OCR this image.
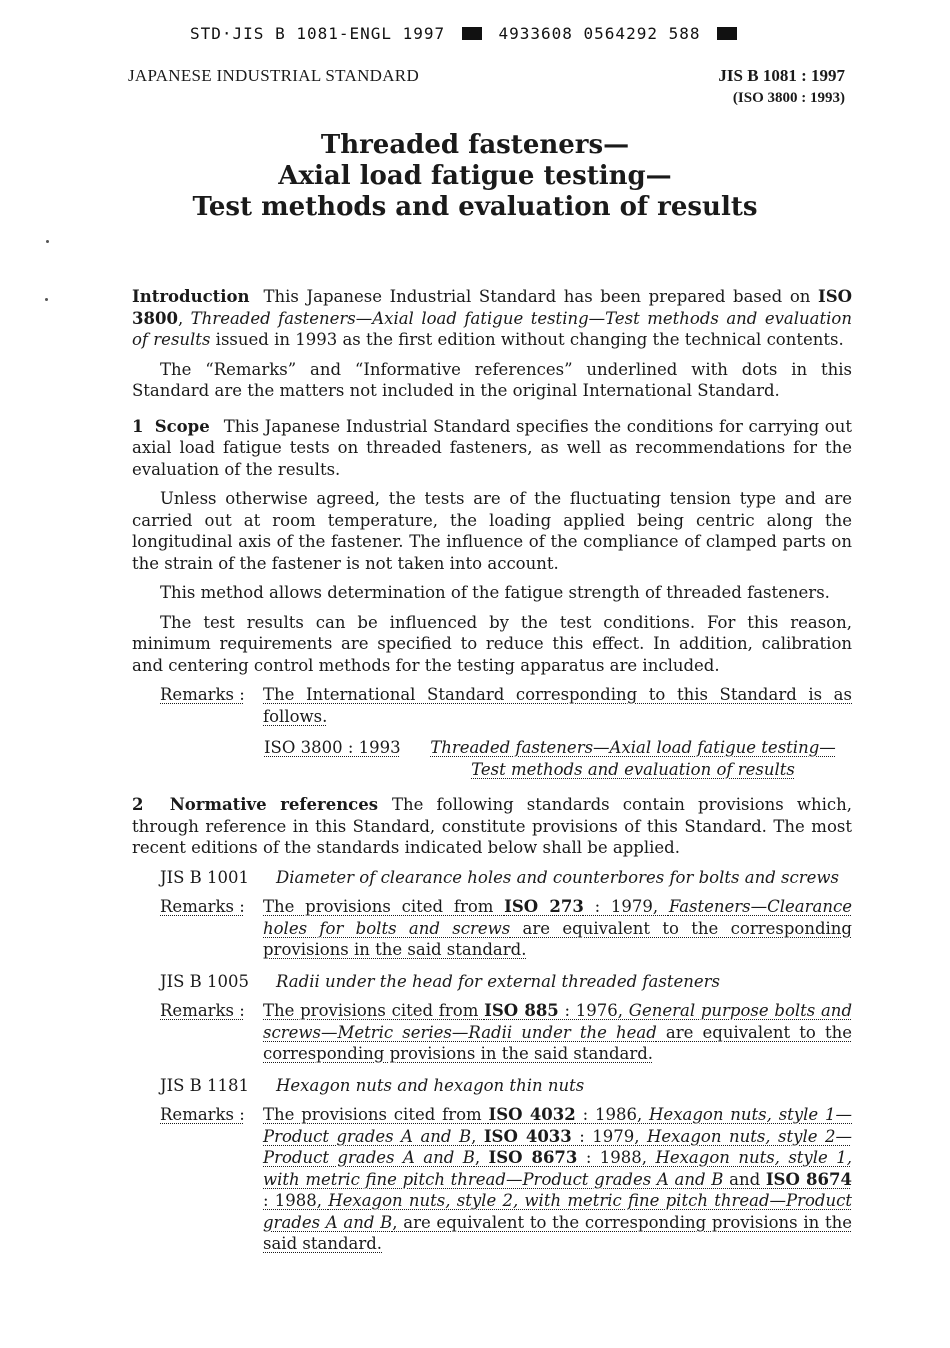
STD·JIS B 1081-ENGL 1997	4933608 0564292 588
JAPANESE INDUSTRIAL STANDARD	JIS B 1081 : 1997
(ISO 3800 : 1993)
Threaded fasteners—
Axial load fatigue testing—
Test methods and evaluation of results

Introduction This Japanese Industrial Standard has been prepared based on ISO 3800, Threaded fasteners—Axial load fatigue testing—Test methods and evaluation of results issued in 1993 as the first edition without changing the technical contents.

The “Remarks” and “Informative references” underlined with dots in this Standard are the matters not included in the original International Standard.

1 Scope This Japanese Industrial Standard specifies the conditions for carrying out axial load fatigue tests on threaded fasteners, as well as recommendations for the evaluation of the results.

Unless otherwise agreed, the tests are of the fluctuating tension type and are carried out at room temperature, the loading applied being centric along the longitudinal axis of the fastener. The influence of the compliance of clamped parts on the strain of the fastener is not taken into account.

This method allows determination of the fatigue strength of threaded fasteners.

The test results can be influenced by the test conditions. For this reason, minimum requirements are specified to reduce this effect. In addition, calibration and centering control methods for the testing apparatus are included.

Remarks :	The International Standard corresponding to this Standard is as follows.
ISO 3800 : 1993	Threaded fasteners—Axial load fatigue testing—Test methods and evaluation of results

2 Normative references The following standards contain provisions which, through reference in this Standard, constitute provisions of this Standard. The most recent editions of the standards indicated below shall be applied.

JIS B 1001	Diameter of clearance holes and counterbores for bolts and screws
Remarks :	The provisions cited from ISO 273 : 1979, Fasteners—Clearance holes for bolts and screws are equivalent to the corresponding provisions in the said standard.
JIS B 1005	Radii under the head for external threaded fasteners
Remarks :	The provisions cited from ISO 885 : 1976, General purpose bolts and screws—Metric series—Radii under the head are equivalent to the corresponding provisions in the said standard.
JIS B 1181	Hexagon nuts and hexagon thin nuts
Remarks :	The provisions cited from ISO 4032 : 1986, Hexagon nuts, style 1—Product grades A and B, ISO 4033 : 1979, Hexagon nuts, style 2—Product grades A and B, ISO 8673 : 1988, Hexagon nuts, style 1, with metric fine pitch thread—Product grades A and B and ISO 8674 : 1988, Hexagon nuts, style 2, with metric fine pitch thread—Product grades A and B, are equivalent to the corresponding provisions in the said standard.
